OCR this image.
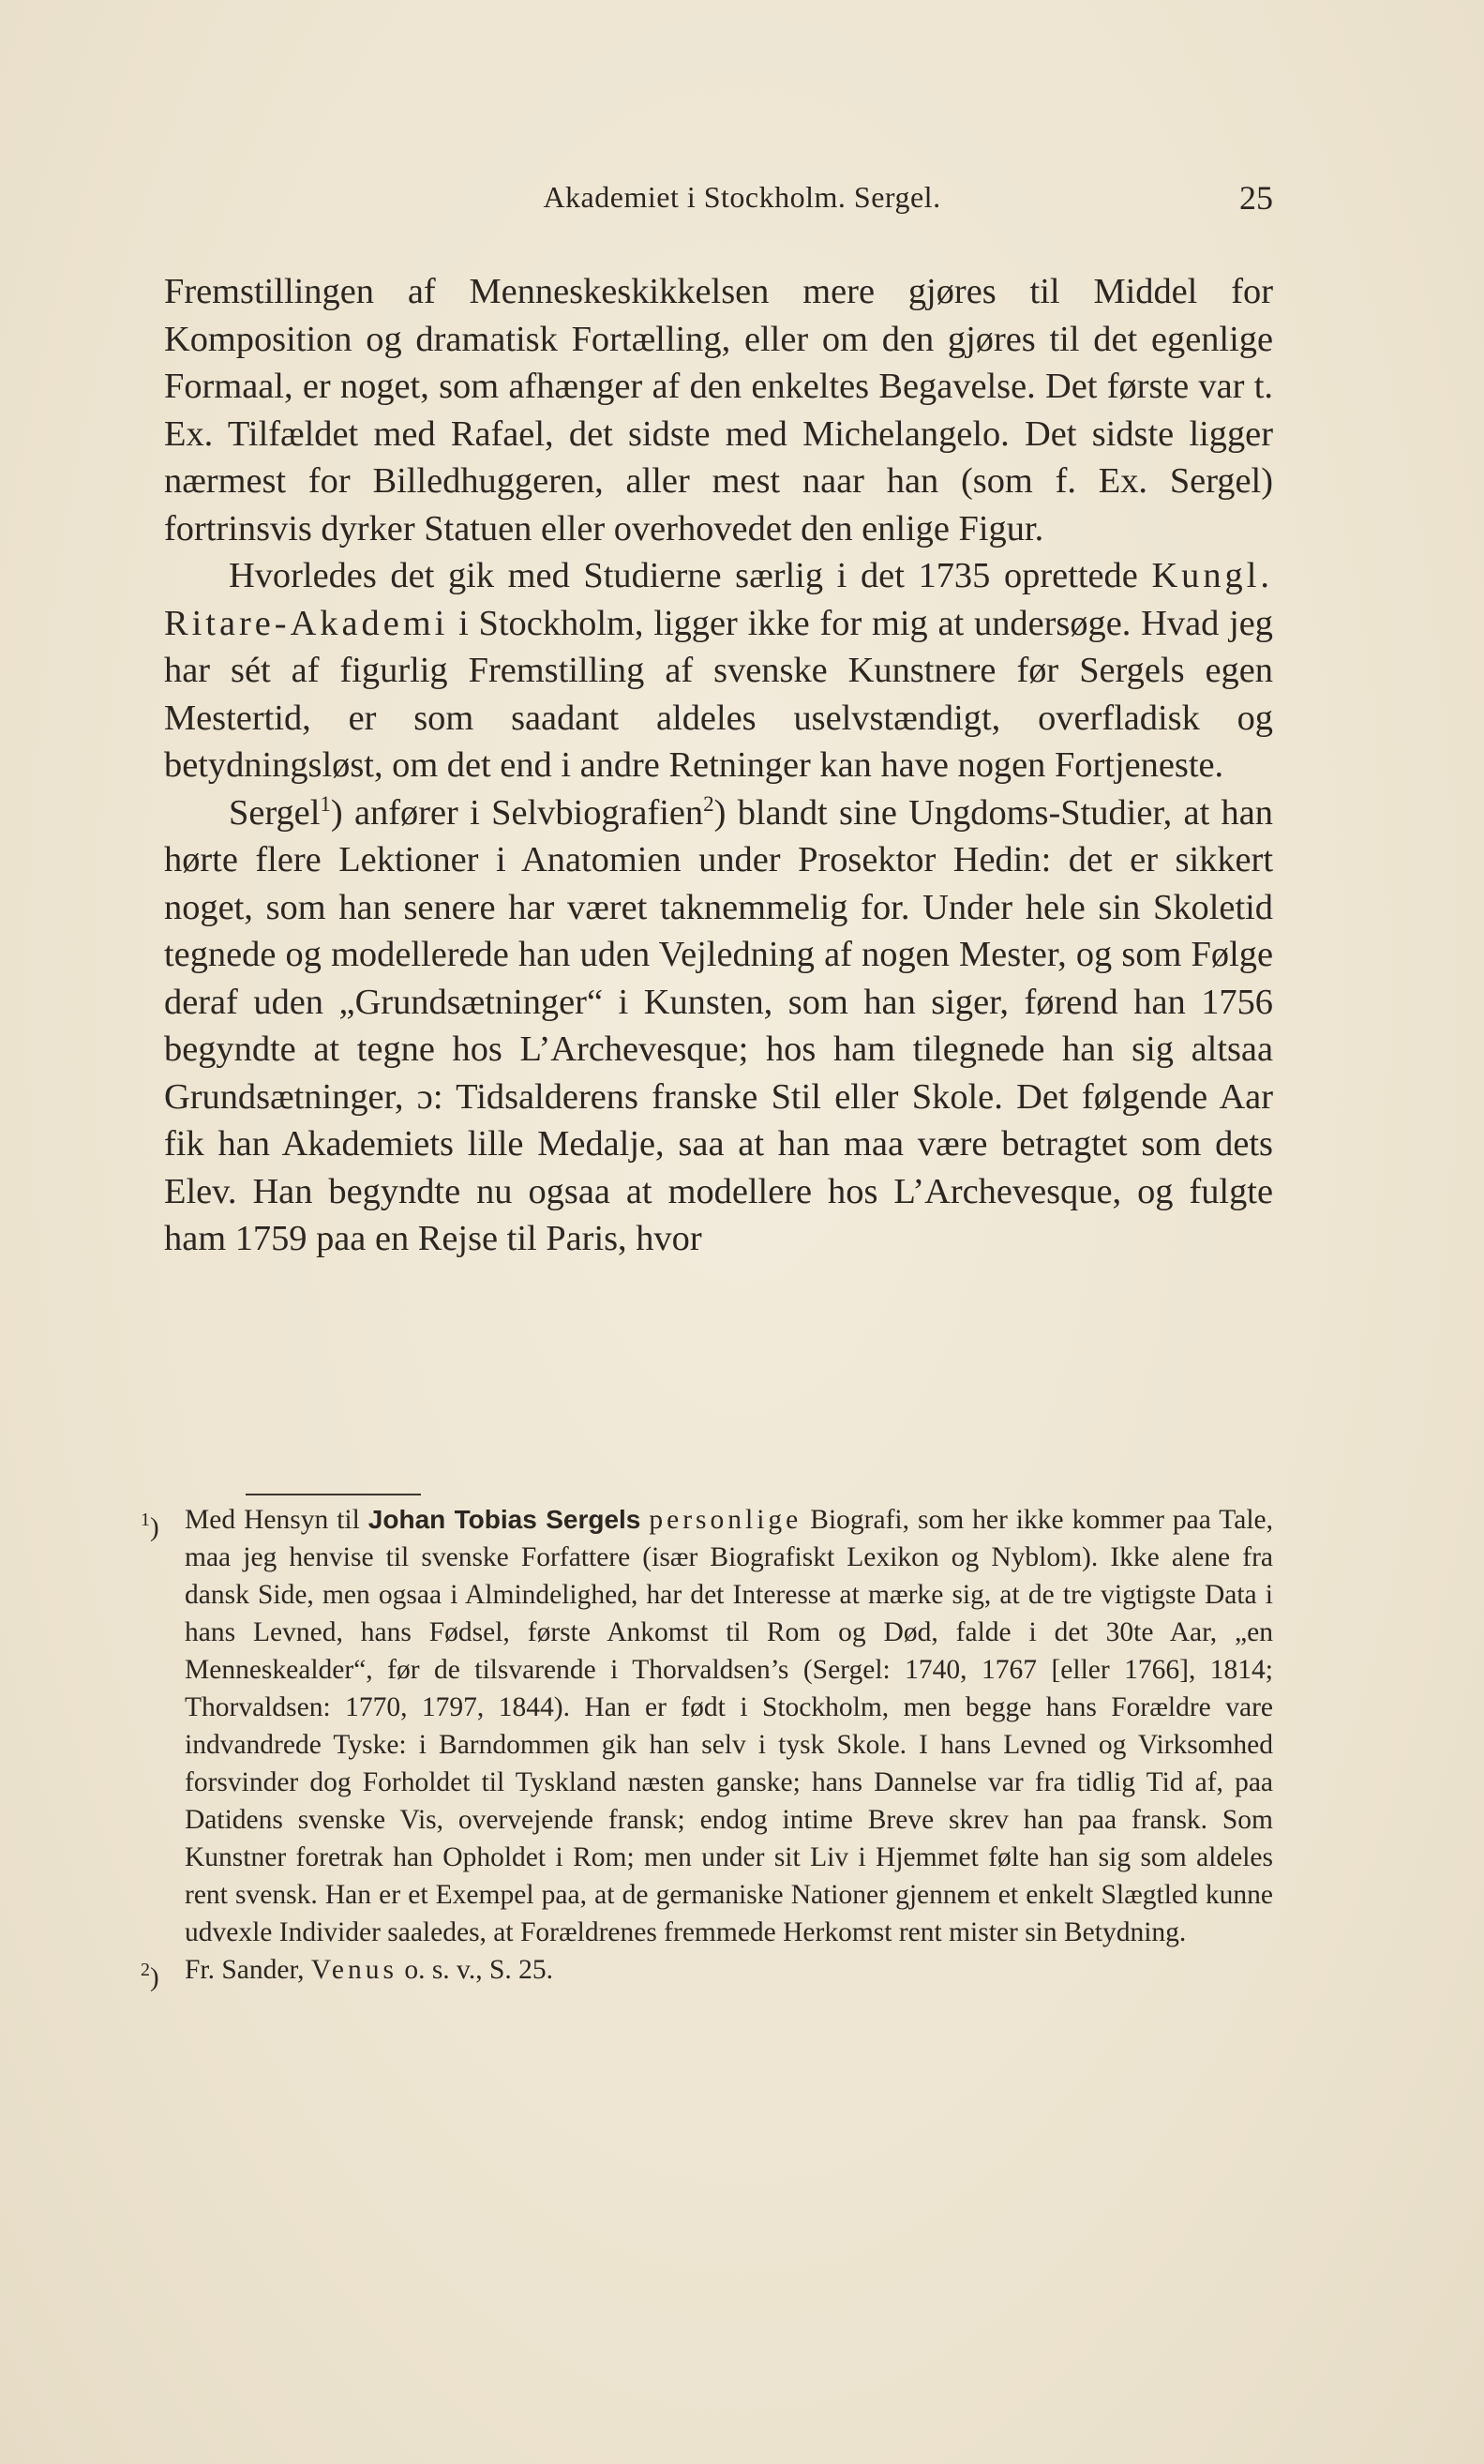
Akademiet i Stockholm. Sergel.	25

Fremstillingen af Menneskeskikkelsen mere gjøres til Middel for Komposition og dramatisk Fortælling, eller om den gjøres til det egenlige Formaal, er noget, som afhænger af den enkeltes Begavelse. Det første var t. Ex. Tilfældet med Rafael, det sidste med Michelangelo. Det sidste ligger nærmest for Billedhuggeren, aller mest naar han (som f. Ex. Sergel) fortrinsvis dyrker Statuen eller overhovedet den enlige Figur.

Hvorledes det gik med Studierne særlig i det 1735 oprettede Kungl. Ritare-Akademi i Stockholm, ligger ikke for mig at undersøge. Hvad jeg har sét af figurlig Fremstilling af svenske Kunstnere før Sergels egen Mestertid, er som saadant aldeles uselvstændigt, overfladisk og betydningsløst, om det end i andre Retninger kan have nogen Fortjeneste.

Sergel$^1$) anfører i Selvbiografien$^2$) blandt sine Ungdoms-Studier, at han hørte flere Lektioner i Anatomien under Prosektor Hedin: det er sikkert noget, som han senere har været taknemmelig for. Under hele sin Skoletid tegnede og modellerede han uden Vejledning af nogen Mester, og som Følge deraf uden „Grundsætninger“ i Kunsten, som han siger, førend han 1756 begyndte at tegne hos L’Archevesque; hos ham tilegnede han sig altsaa Grundsætninger, ɔ: Tidsalderens franske Stil eller Skole. Det følgende Aar fik han Akademiets lille Medalje, saa at han maa være betragtet som dets Elev. Han begyndte nu ogsaa at modellere hos L’Archevesque, og fulgte ham 1759 paa en Rejse til Paris, hvor

$^1$) Med Hensyn til Johan Tobias Sergels personlige Biografi, som her ikke kommer paa Tale, maa jeg henvise til svenske Forfattere (især Biografiskt Lexikon og Nyblom). Ikke alene fra dansk Side, men ogsaa i Almindelighed, har det Interesse at mærke sig, at de tre vigtigste Data i hans Levned, hans Fødsel, første Ankomst til Rom og Død, falde i det 30te Aar, „en Menneskealder“, før de tilsvarende i Thorvaldsen’s (Sergel: 1740, 1767 [eller 1766], 1814; Thorvaldsen: 1770, 1797, 1844). Han er født i Stockholm, men begge hans Forældre vare indvandrede Tyske: i Barndommen gik han selv i tysk Skole. I hans Levned og Virksomhed forsvinder dog Forholdet til Tyskland næsten ganske; hans Dannelse var fra tidlig Tid af, paa Datidens svenske Vis, overvejende fransk; endog intime Breve skrev han paa fransk. Som Kunstner foretrak han Opholdet i Rom; men under sit Liv i Hjemmet følte han sig som aldeles rent svensk. Han er et Exempel paa, at de germaniske Nationer gjennem et enkelt Slægtled kunne udvexle Individer saaledes, at Forældrenes fremmede Herkomst rent mister sin Betydning.

$^2$) Fr. Sander, Venus o. s. v., S. 25.
